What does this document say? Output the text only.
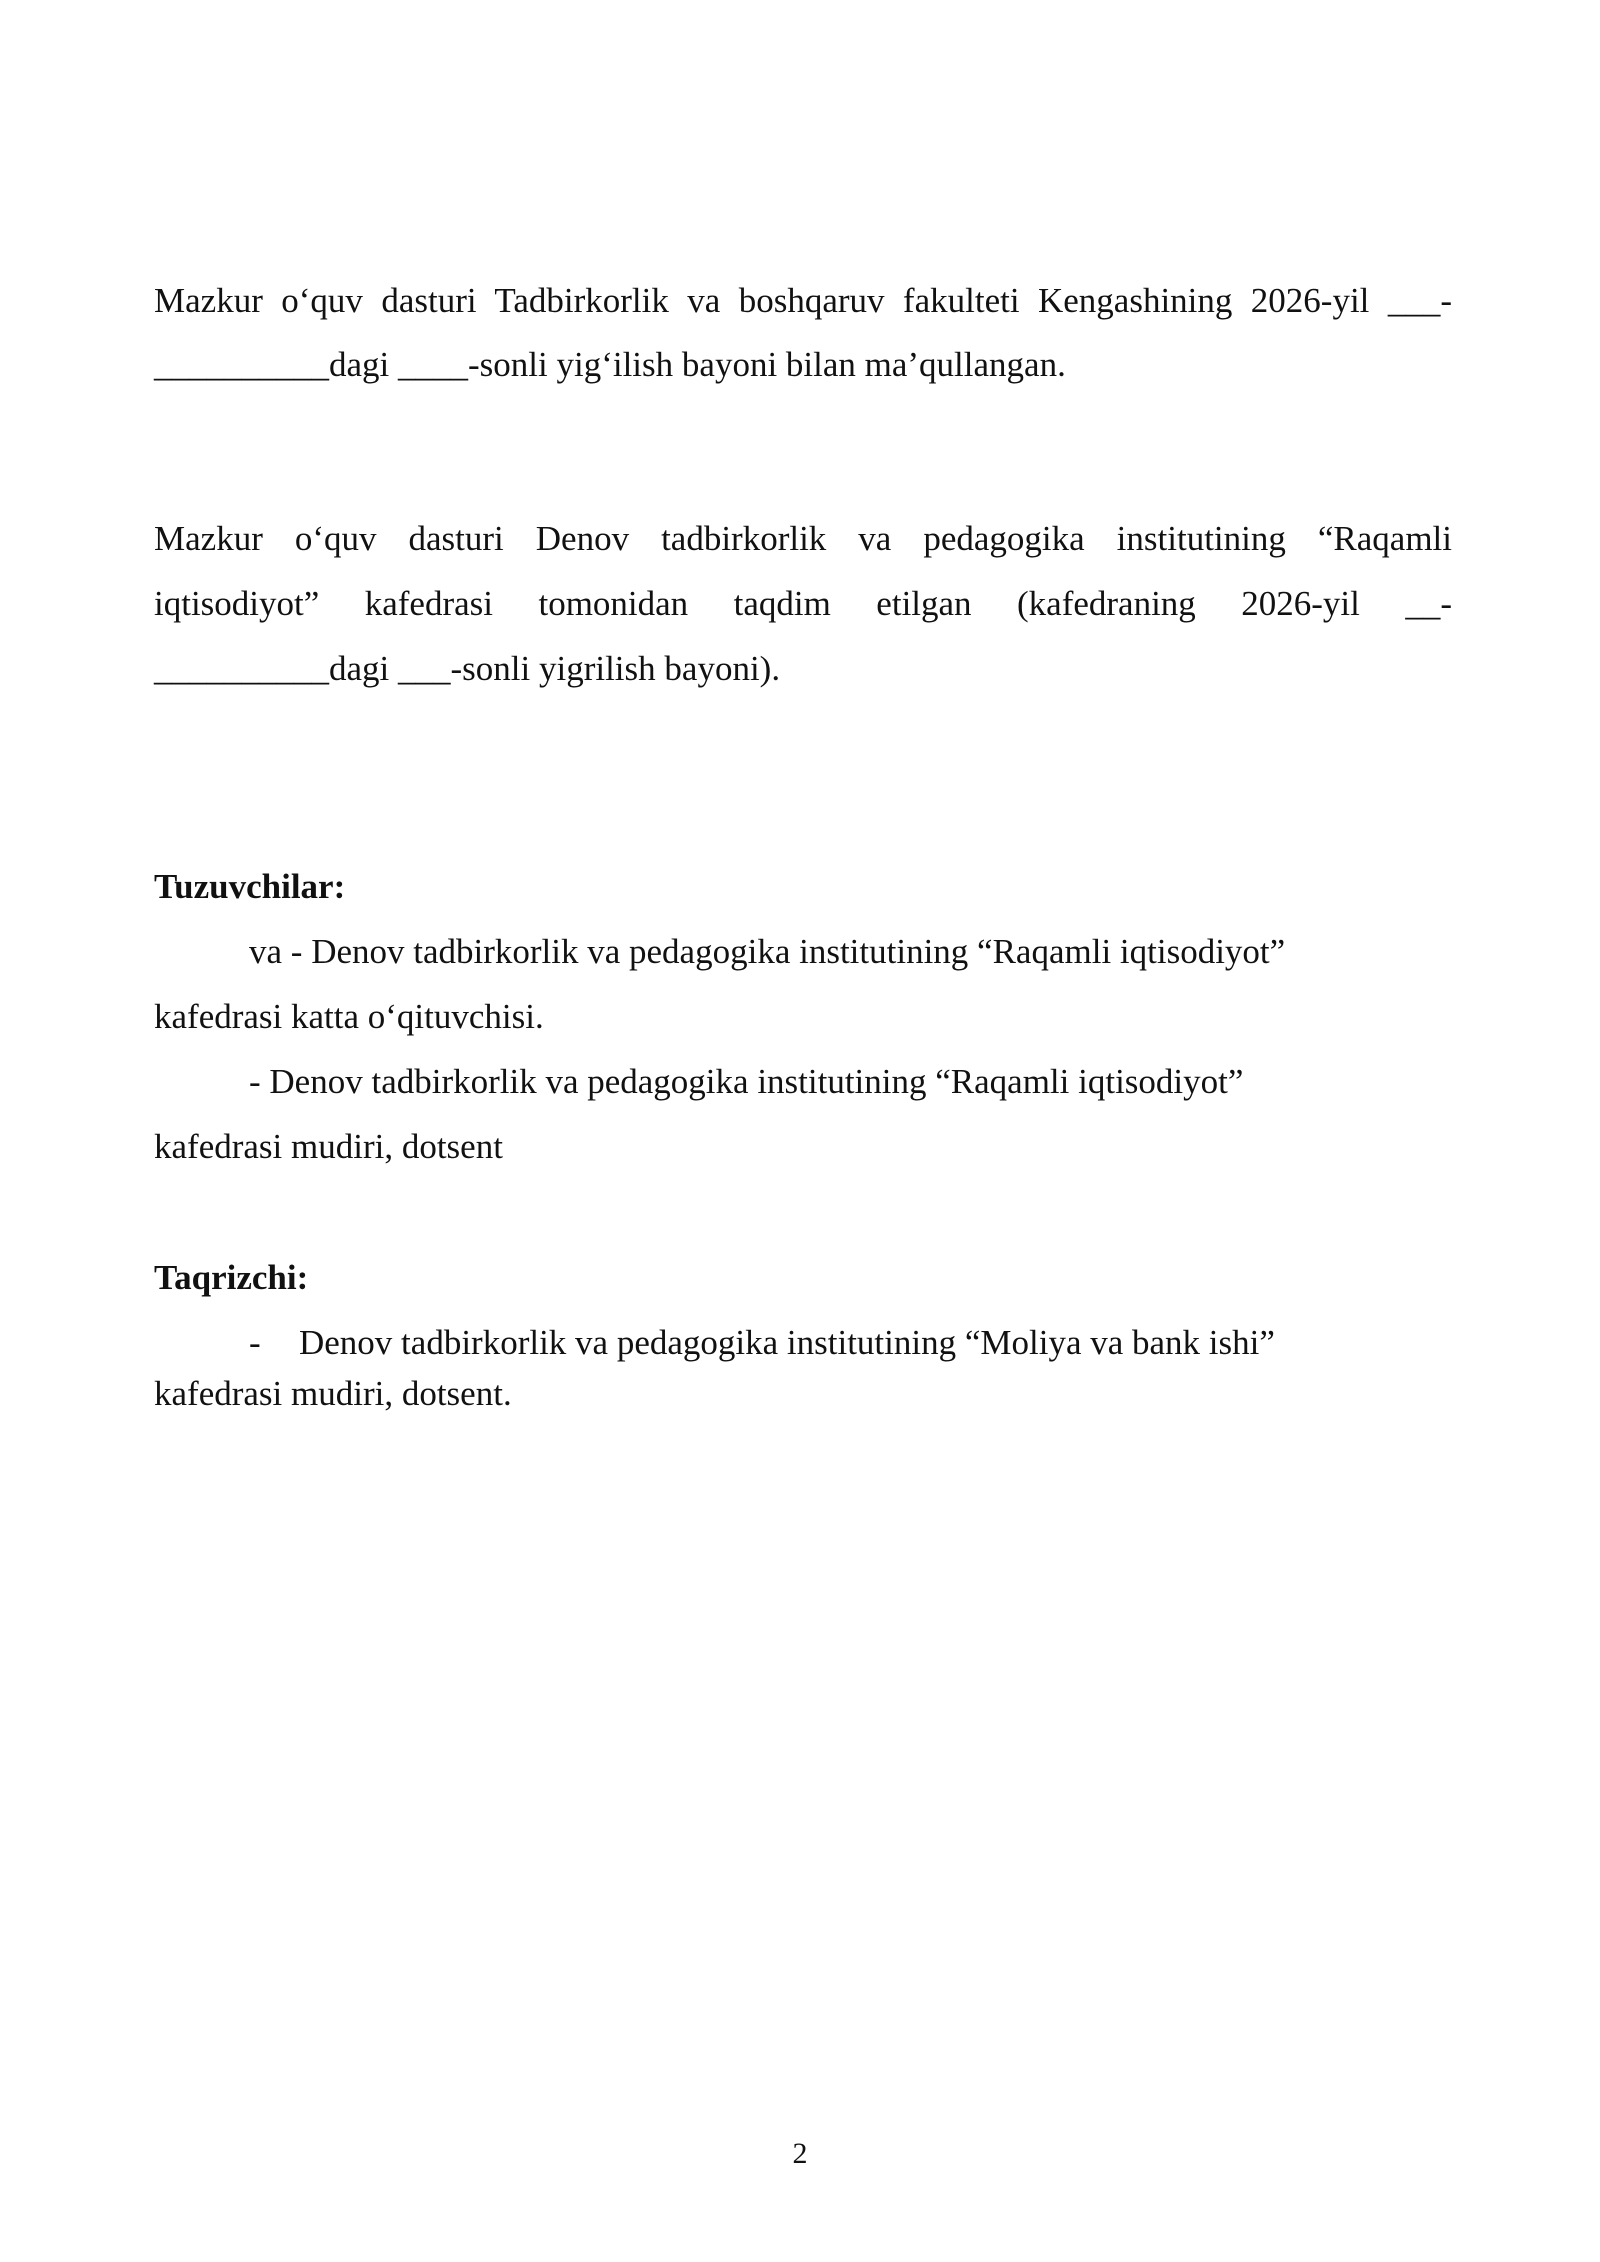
Mazkur o‘quv dasturi Tadbirkorlik va boshqaruv fakulteti Kengashining 2026-yil ___-
__________dagi ____-sonli yig‘ilish bayoni bilan ma’qullangan.
Mazkur o‘quv dasturi Denov tadbirkorlik va pedagogika institutining “Raqamli
iqtisodiyot” kafedrasi tomonidan taqdim etilgan (kafedraning 2026-yil __-
__________dagi ___-sonli yigrilish bayoni).
Tuzuvchilar:
va - Denov tadbirkorlik va pedagogika institutining “Raqamli iqtisodiyot”
kafedrasi katta o‘qituvchisi.
- Denov tadbirkorlik va pedagogika institutining “Raqamli iqtisodiyot”
kafedrasi mudiri, dotsent
Taqrizchi:
- Denov tadbirkorlik va pedagogika institutining “Moliya va bank ishi”
kafedrasi mudiri, dotsent.
2
